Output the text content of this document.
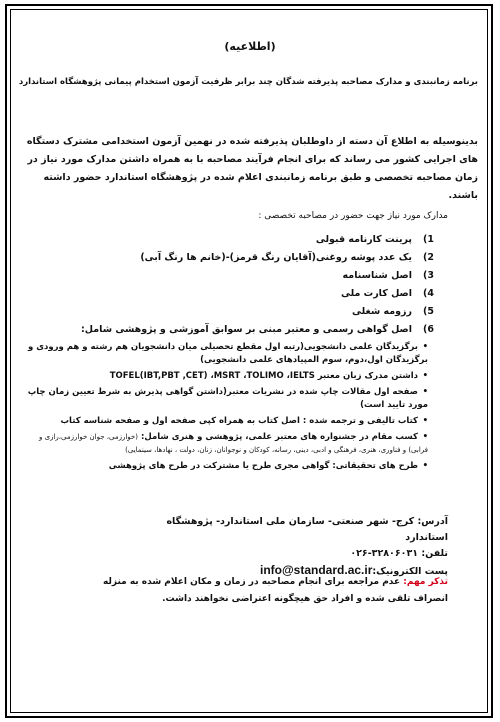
(اطلاعیه)
برنامه زمانبندی و مدارک مصاحبه پذیرفته شدگان چند برابر ظرفیت آزمون استخدام پیمانی پژوهشگاه استاندارد
بدینوسیله به اطلاع آن دسته از داوطلبان پذیرفته شده در نهمین آزمون استخدامی مشترک دستگاه های اجرایی کشور می رساند که برای انجام فرآیند مصاحبه با به همراه داشتن مدارک مورد نیاز در زمان مصاحبه تخصصی و طبق برنامه زمانبندی اعلام شده در پژوهشگاه استاندارد حضور داشته باشند.
مدارک مورد نیاز جهت حضور در مصاحبه تخصصی :
1)پرینت کارنامه قبولی
2)یک عدد پوشه روغنی(آقایان رنگ قرمز)-(خانم ها رنگ آبی)
3)اصل شناسنامه
4)اصل کارت ملی
5)رزومه شغلی
6)اصل گواهی رسمی و معتبر مبنی بر سوابق آموزشی و پژوهشی شامل:
•برگزیدگان علمی دانشجویی(رتبه اول مقطع تحصیلی میان دانشجویان هم رشته و هم ورودی و برگزیدگان اول،دوم، سوم المپیادهای علمی دانشجویی)
•داشتن مدرک زبان معتبر TOFEL(IBT,PBT ,CET) ،MSRT ،TOLIMO ،IELTS
•صفحه اول مقالات چاپ شده در نشریات معتبر(داشتن گواهی پذیرش به شرط تعیین زمان چاپ مورد تایید است)
•کتاب تالیفی و ترجمه شده : اصل کتاب به همراه کپی صفحه اول و صفحه شناسه کتاب
•کسب مقام در جشنواره های معتبر علمی، پژوهشی و هنری شامل: (خوارزمی، جوان خوارزمی،رازی و فرابی) و فناوری، هنری، فرهنگی و ادبی، دینی، رسانه، کودکان و نوجوانان، زنان، دولت ، نهادها، سینمایی)
•طرح های تحقیقاتی: گواهی مجری طرح یا مشترکت در طرح های پژوهشی
آدرس: کرج- شهر صنعتی- سازمان ملی استاندارد- پژوهشگاه استاندارد
تلفن: ۰۲۶-۳۲۸۰۶۰۳۱
پست الکترونیک:info@standard.ac.ir
تذکر مهم: عدم مراجعه برای انجام مصاحبه در زمان و مکان اعلام شده به منزله انصراف تلقی شده و افراد حق هیچگونه اعتراضی نخواهند داشت.
